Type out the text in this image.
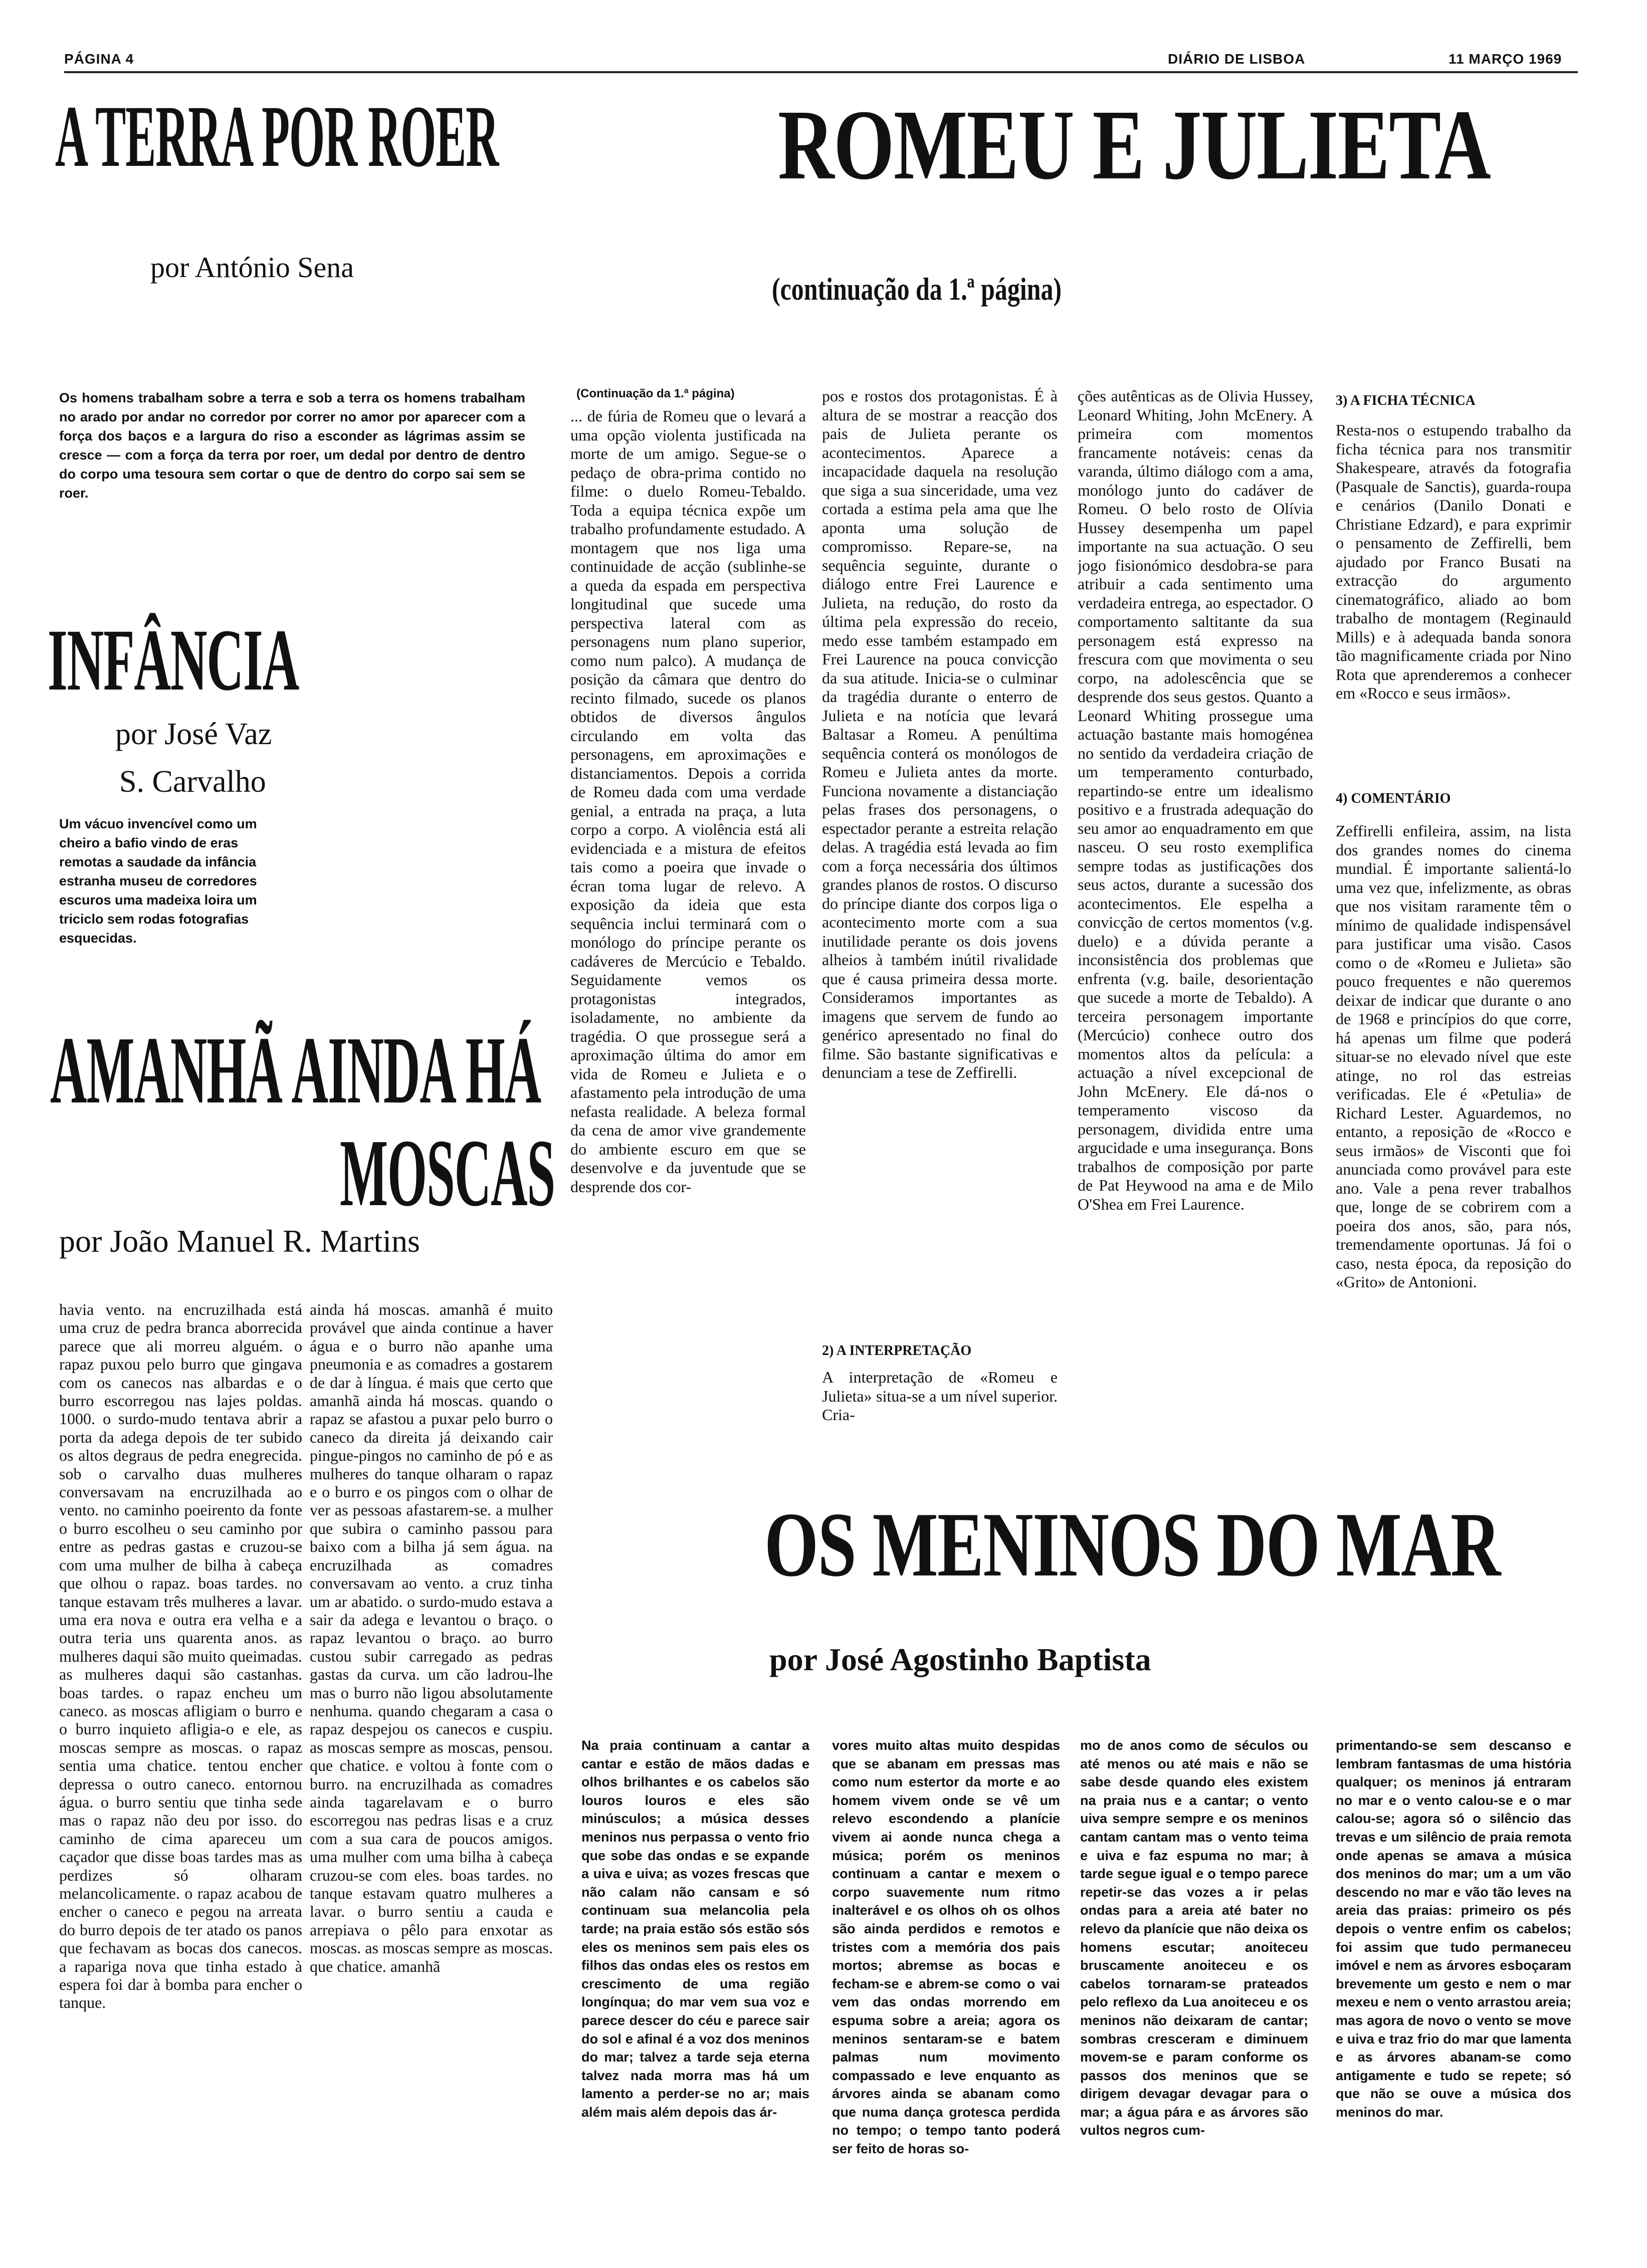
PÁGINA 4	DIÁRIO DE LISBOA	11 MARÇO 1969
A TERRA POR ROER
por António Sena
Os homens trabalham sobre a terra e sob a terra os homens trabalham no arado por andar no corredor por correr no amor por aparecer com a força dos baços e a largura do riso a esconder as lágrimas assim se cresce — com a força da terra por roer, um dedal por dentro de dentro do corpo uma tesoura sem cortar o que de dentro do corpo sai sem se roer.
INFÂNCIA
por José Vaz
S. Carvalho
Um vácuo invencível como um cheiro a bafio vindo de eras remotas a saudade da infância estranha museu de corredores escuros uma madeixa loira um triciclo sem rodas fotografias esquecidas.
AMANHÃ AINDA HÁ
MOSCAS
por João Manuel R. Martins
havia vento. na encruzilhada está uma cruz de pedra branca aborrecida parece que ali morreu alguém. o rapaz puxou pelo burro que gingava com os canecos nas albardas e o burro escorregou nas lajes poldas. 1000. o surdo-mudo tentava abrir a porta da adega depois de ter subido os altos degraus de pedra enegrecida. sob o carvalho duas mulheres conversavam na encruzilhada ao vento. no caminho poeirento da fonte o burro escolheu o seu caminho por entre as pedras gastas e cruzou-se com uma mulher de bilha à cabeça que olhou o rapaz. boas tardes. no tanque estavam três mulheres a lavar. uma era nova e outra era velha e a outra teria uns quarenta anos. as mulheres daqui são muito queimadas. as mulheres daqui são castanhas. boas tardes. o rapaz encheu um caneco. as moscas afligiam o burro e o burro inquieto afligia-o e ele, as moscas sempre as moscas. o rapaz sentia uma chatice. tentou encher depressa o outro caneco. entornou água. o burro sentiu que tinha sede mas o rapaz não deu por isso. do caminho de cima apareceu um caçador que disse boas tardes mas as perdizes só olharam melancolicamente. o rapaz acabou de encher o caneco e pegou na arreata do burro depois de ter atado os panos que fechavam as bocas dos canecos. a rapariga nova que tinha estado à espera foi dar à bomba para encher o tanque.
ainda há moscas. amanhã é muito provável que ainda continue a haver água e o burro não apanhe uma pneumonia e as comadres a gostarem de dar à língua. é mais que certo que amanhã ainda há moscas. quando o rapaz se afastou a puxar pelo burro o caneco da direita já deixando cair pingue-pingos no caminho de pó e as mulheres do tanque olharam o rapaz e o burro e os pingos com o olhar de ver as pessoas afastarem-se. a mulher que subira o caminho passou para baixo com a bilha já sem água. na encruzilhada as comadres conversavam ao vento. a cruz tinha um ar abatido. o surdo-mudo estava a sair da adega e levantou o braço. o rapaz levantou o braço. ao burro custou subir carregado as pedras gastas da curva. um cão ladrou-lhe mas o burro não ligou absolutamente nenhuma. quando chegaram a casa o rapaz despejou os canecos e cuspiu. as moscas sempre as moscas, pensou. que chatice. e voltou à fonte com o burro. na encruzilhada as comadres ainda tagarelavam e o burro escorregou nas pedras lisas e a cruz com a sua cara de poucos amigos. uma mulher com uma bilha à cabeça cruzou-se com eles. boas tardes. no tanque estavam quatro mulheres a lavar. o burro sentiu a cauda e arrepiava o pêlo para enxotar as moscas. as moscas sempre as moscas. que chatice. amanhã
ROMEU E JULIETA
(continuação da 1.ª página)
(Continuação da 1.ª página)
... de fúria de Romeu que o levará a uma opção violenta justificada na morte de um amigo. Segue-se o pedaço de obra-prima contido no filme: o duelo Romeu-Tebaldo. Toda a equipa técnica expõe um trabalho profundamente estudado. A montagem que nos liga uma continuidade de acção (sublinhe-se a queda da espada em perspectiva longitudinal que sucede uma perspectiva lateral com as personagens num plano superior, como num palco). A mudança de posição da câmara que dentro do recinto filmado, sucede os planos obtidos de diversos ângulos circulando em volta das personagens, em aproximações e distanciamentos. Depois a corrida de Romeu dada com uma verdade genial, a entrada na praça, a luta corpo a corpo. A violência está ali evidenciada e a mistura de efeitos tais como a poeira que invade o écran toma lugar de relevo. A exposição da ideia que esta sequência inclui terminará com o monólogo do príncipe perante os cadáveres de Mercúcio e Tebaldo. Seguidamente vemos os protagonistas integrados, isoladamente, no ambiente da tragédia. O que prossegue será a aproximação última do amor em vida de Romeu e Julieta e o afastamento pela introdução de uma nefasta realidade. A beleza formal da cena de amor vive grandemente do ambiente escuro em que se desenvolve e da juventude que se desprende dos cor-
pos e rostos dos protagonistas. É à altura de se mostrar a reacção dos pais de Julieta perante os acontecimentos. Aparece a incapacidade daquela na resolução que siga a sua sinceridade, uma vez cortada a estima pela ama que lhe aponta uma solução de compromisso. Repare-se, na sequência seguinte, durante o diálogo entre Frei Laurence e Julieta, na redução, do rosto da última pela expressão do receio, medo esse também estampado em Frei Laurence na pouca convicção da sua atitude. Inicia-se o culminar da tragédia durante o enterro de Julieta e na notícia que levará Baltasar a Romeu. A penúltima sequência conterá os monólogos de Romeu e Julieta antes da morte. Funciona novamente a distanciação pelas frases dos personagens, o espectador perante a estreita relação delas. A tragédia está levada ao fim com a força necessária dos últimos grandes planos de rostos. O discurso do príncipe diante dos corpos liga o acontecimento morte com a sua inutilidade perante os dois jovens alheios à também inútil rivalidade que é causa primeira dessa morte. Consideramos importantes as imagens que servem de fundo ao genérico apresentado no final do filme. São bastante significativas e denunciam a tese de Zeffirelli.
2) A INTERPRETAÇÃO
A interpretação de «Romeu e Julieta» situa-se a um nível superior. Cria-
ções autênticas as de Olivia Hussey, Leonard Whiting, John McEnery. A primeira com momentos francamente notáveis: cenas da varanda, último diálogo com a ama, monólogo junto do cadáver de Romeu. O belo rosto de Olívia Hussey desempenha um papel importante na sua actuação. O seu jogo fisionómico desdobra-se para atribuir a cada sentimento uma verdadeira entrega, ao espectador. O comportamento saltitante da sua personagem está expresso na frescura com que movimenta o seu corpo, na adolescência que se desprende dos seus gestos. Quanto a Leonard Whiting prossegue uma actuação bastante mais homogénea no sentido da verdadeira criação de um temperamento conturbado, repartindo-se entre um idealismo positivo e a frustrada adequação do seu amor ao enquadramento em que nasceu. O seu rosto exemplifica sempre todas as justificações dos seus actos, durante a sucessão dos acontecimentos. Ele espelha a convicção de certos momentos (v.g. duelo) e a dúvida perante a inconsistência dos problemas que enfrenta (v.g. baile, desorientação que sucede a morte de Tebaldo). A terceira personagem importante (Mercúcio) conhece outro dos momentos altos da película: a actuação a nível excepcional de John McEnery. Ele dá-nos o temperamento viscoso da personagem, dividida entre uma argucidade e uma insegurança. Bons trabalhos de composição por parte de Pat Heywood na ama e de Milo O'Shea em Frei Laurence.
3) A FICHA TÉCNICA
Resta-nos o estupendo trabalho da ficha técnica para nos transmitir Shakespeare, através da fotografia (Pasquale de Sanctis), guarda-roupa e cenários (Danilo Donati e Christiane Edzard), e para exprimir o pensamento de Zeffirelli, bem ajudado por Franco Busati na extracção do argumento cinematográfico, aliado ao bom trabalho de montagem (Reginauld Mills) e à adequada banda sonora tão magnificamente criada por Nino Rota que aprenderemos a conhecer em «Rocco e seus irmãos».
4) COMENTÁRIO
Zeffirelli enfileira, assim, na lista dos grandes nomes do cinema mundial. É importante salientá-lo uma vez que, infelizmente, as obras que nos visitam raramente têm o mínimo de qualidade indispensável para justificar uma visão. Casos como o de «Romeu e Julieta» são pouco frequentes e não queremos deixar de indicar que durante o ano de 1968 e princípios do que corre, há apenas um filme que poderá situar-se no elevado nível que este atinge, no rol das estreias verificadas. Ele é «Petulia» de Richard Lester. Aguardemos, no entanto, a reposição de «Rocco e seus irmãos» de Visconti que foi anunciada como provável para este ano. Vale a pena rever trabalhos que, longe de se cobrirem com a poeira dos anos, são, para nós, tremendamente oportunas. Já foi o caso, nesta época, da reposição do «Grito» de Antonioni.
OS MENINOS DO MAR
por José Agostinho Baptista
Na praia continuam a cantar a cantar e estão de mãos dadas e olhos brilhantes e os cabelos são louros louros e eles são minúsculos; a música desses meninos nus perpassa o vento frio que sobe das ondas e se expande a uiva e uiva; as vozes frescas que não calam não cansam e só continuam sua melancolia pela tarde; na praia estão sós estão sós eles os meninos sem pais eles os filhos das ondas eles os restos em crescimento de uma região longínqua; do mar vem sua voz e parece descer do céu e parece sair do sol e afinal é a voz dos meninos do mar; talvez a tarde seja eterna talvez nada morra mas há um lamento a perder-se no ar; mais além mais além depois das ár-
vores muito altas muito despidas que se abanam em pressas mas como num estertor da morte e ao homem vivem onde se vê um relevo escondendo a planície vivem ai aonde nunca chega a música; porém os meninos continuam a cantar e mexem o corpo suavemente num ritmo inalterável e os olhos oh os olhos são ainda perdidos e remotos e tristes com a memória dos pais mortos; abremse as bocas e fecham-se e abrem-se como o vai vem das ondas morrendo em espuma sobre a areia; agora os meninos sentaram-se e batem palmas num movimento compassado e leve enquanto as árvores ainda se abanam como que numa dança grotesca perdida no tempo; o tempo tanto poderá ser feito de horas so-
mo de anos como de séculos ou até menos ou até mais e não se sabe desde quando eles existem na praia nus e a cantar; o vento uiva sempre sempre e os meninos cantam cantam mas o vento teima e uiva e faz espuma no mar; à tarde segue igual e o tempo parece repetir-se das vozes a ir pelas ondas para a areia até bater no relevo da planície que não deixa os homens escutar; anoiteceu bruscamente anoiteceu e os cabelos tornaram-se prateados pelo reflexo da Lua anoiteceu e os meninos não deixaram de cantar; sombras cresceram e diminuem movem-se e param conforme os passos dos meninos que se dirigem devagar devagar para o mar; a água pára e as árvores são vultos negros cum-
primentando-se sem descanso e lembram fantasmas de uma história qualquer; os meninos já entraram no mar e o vento calou-se e o mar calou-se; agora só o silêncio das trevas e um silêncio de praia remota onde apenas se amava a música dos meninos do mar; um a um vão descendo no mar e vão tão leves na areia das praias: primeiro os pés depois o ventre enfim os cabelos; foi assim que tudo permaneceu imóvel e nem as árvores esboçaram brevemente um gesto e nem o mar mexeu e nem o vento arrastou areia; mas agora de novo o vento se move e uiva e traz frio do mar que lamenta e as árvores abanam-se como antigamente e tudo se repete; só que não se ouve a música dos meninos do mar.
